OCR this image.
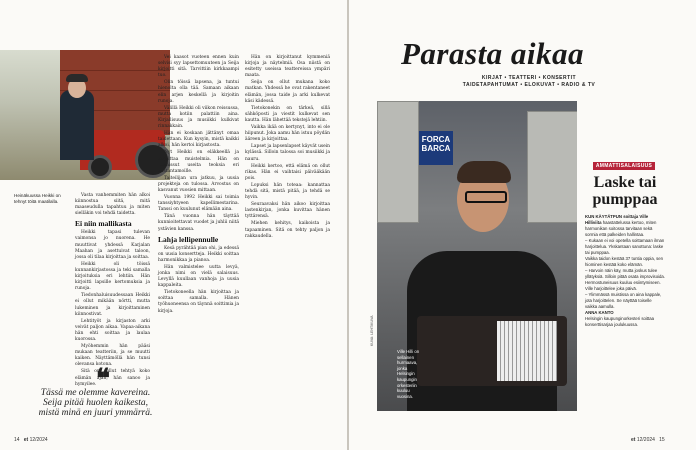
Heinäkuussa Heikki on tehnyt töitä maatilalla.

Vasta vanhemmiten hän alkoi kiinnostua siitä, mitä maaseudulla tapahtuu ja miten sielläkin voi tehdä taidetta.

Ei niin mallikasta

Heikki tapasi tulevan vaimonsa jo nuorena. He muuttivat yhdessä Karjalan Maahan ja asettuivat taloon, jossa oli tilaa kirjoittaa ja soittaa.

Heikki oli töissä kunnankirjastossa ja teki samalla kirjoituksia eri lehtiin. Hän kirjoitti lapsille kertomuksia ja runoja.

Tiedonhaluisuudessaan Heikki ei ollut mikään nörtti, mutta lukeminen ja kirjoittaminen kiinnostivat.

Lehtityöt ja kirjaston arki veivät paljon aikaa. Vapaa-aikana hän ehti soittaa ja laulaa kuorossa.

Myöhemmin hän pääsi mukaan teatteriin, ja se muutti kaiken. Näyttämöllä hän tunsi olevansa kotona.

Sitä on tullut tehtyä koko elämän ajan, hän sanoo ja hymyilee.

Vei kaasot vuoteen ennen kuin selvisi syy lapsettomuuteen ja Seija kirjoitti sitä. Tarvittiin kirkkaampi tuo.

Olin töissä lapsena, ja tuntui hienolta olla tää. Samaan aikaan elin arjen keskellä ja kirjoitin runoja.

Välillä Heikki oli viikon reissussa, mutta kotiin palattiin aina. Kirjallisuus ja musiikki kulkivat rinnakkain.

Hän ei koskaan jättänyt omaa taidettaan. Kun kysyin, mistä kaikki alkoi, hän kertoi kirjastosta.

Nyt Heikki on eläkkeellä ja kirjoittaa muistelmia. Hän on julkaissut useita teoksia eri kustantamoille.

Taiteilijan ura jatkuu, ja uusia projekteja on tulossa. Arvostus on kasvanut vuosien mittaan.

Vuonna 1992 Heikki sai toimia tanssiyhtyeen kapellimestarina. Tanssi on kuulunut elämään aina.

Tänä vuonna hän täyttää kunnioitettavat vuodet ja juhlii niitä ystävien kanssa.

Lahja lellipennulle

Kesä pyrähtää pian ohi, ja edessä on uusia konsertteja. Heikki soittaa harmonikkaa ja pianoa.

Hän valmistelee uutta levyä, jonka nimi on vielä salaisuus. Levyllä kuullaan vanhoja ja uusia kappaleita.

Tietokoneella hän kirjoittaa ja soittaa samalla. Hänen työhuoneensa on täynnä soittimia ja kirjoja.

Hän on kirjoittanut kymmeniä kirjoja ja näytelmiä. Osa niistä on esitetty useissa teattereissa ympäri maata.

Seija on ollut mukana koko matkan. Yhdessä he ovat rakentaneet elämän, jossa taide ja arki kulkevat käsi kädessä.

Tietokonekin on tärkeä, sillä sähköposti ja viestit kulkevat sen kautta. Hän lähettää tekstejä lehtiin.

Vaikka ikää on kertynyt, into ei ole hiipunut. Joka aamu hän istuu pöydän ääreen ja kirjoittaa.

Lapset ja lapsenlapset käyvät usein kylässä. Silloin talossa soi musiikki ja nauru.

Heikki kertoo, että elämä on ollut rikas. Hän ei vaihtaisi päivääkään pois.

Lopuksi hän toteaa: kannattaa tehdä sitä, mistä pitää, ja tehdä se hyvin.

Seuraavaksi hän aikoo kirjoittaa lastenkirjan, jonka kuvittaa hänen tyttärensä.

Miehen kehitys, kaikoista ja tapaaminen. Sitä on tehty paljon ja rakkaudella.

❝
Tässä me olemme kavereina. Seija pitää huolen kaikesta, mistä minä en juuri ymmärrä.
14 et 12/2024
Parasta aikaa
KIRJAT • TEATTERI • KONSERTIT
TAIDETAPAHTUMAT • ELOKUVAT • RADIO & TV
FORCA BARCA
Ville Hilli on sellainen hurmaava, jonka Helsingin kaupungin orkesteriin kuuluu vuosina.
KUVA: LEHTIKUVA
AMMATTISALAISUUS
Laske tai pumppaa

KUN KÄYTÄTPUN soittaja Ville Hilliviita haastattelussa kertoo, miten harmonikan soitossa tarvitaan sekä sormia että palkeiden hallintaa.

– Kukaan ei voi opetella soittamaan ilman harjoittelua. Ykskantaan sanottuna: laske tai pumppaa.

Vaikka taidon kestää 37 tuntia oppia, sen hiominen kestää koko elämän.

– Harvoin näin käy, mutta joskus tulee yllätyksiä. Silloin pitää osata improvisoida.

Hermostuneisuus kuuluu esiintymiseen. Ville harjoittelee joka päivä.

– Ylimmässä muistissa on aina kappale, jota harjoittelen. Se näyttää toiselle vaikka aamulla.

ANNA KANTO

Helsingin kaupunginorkesteri soittaa konserttisarjaa joulukuussa.

et 12/2024 15
